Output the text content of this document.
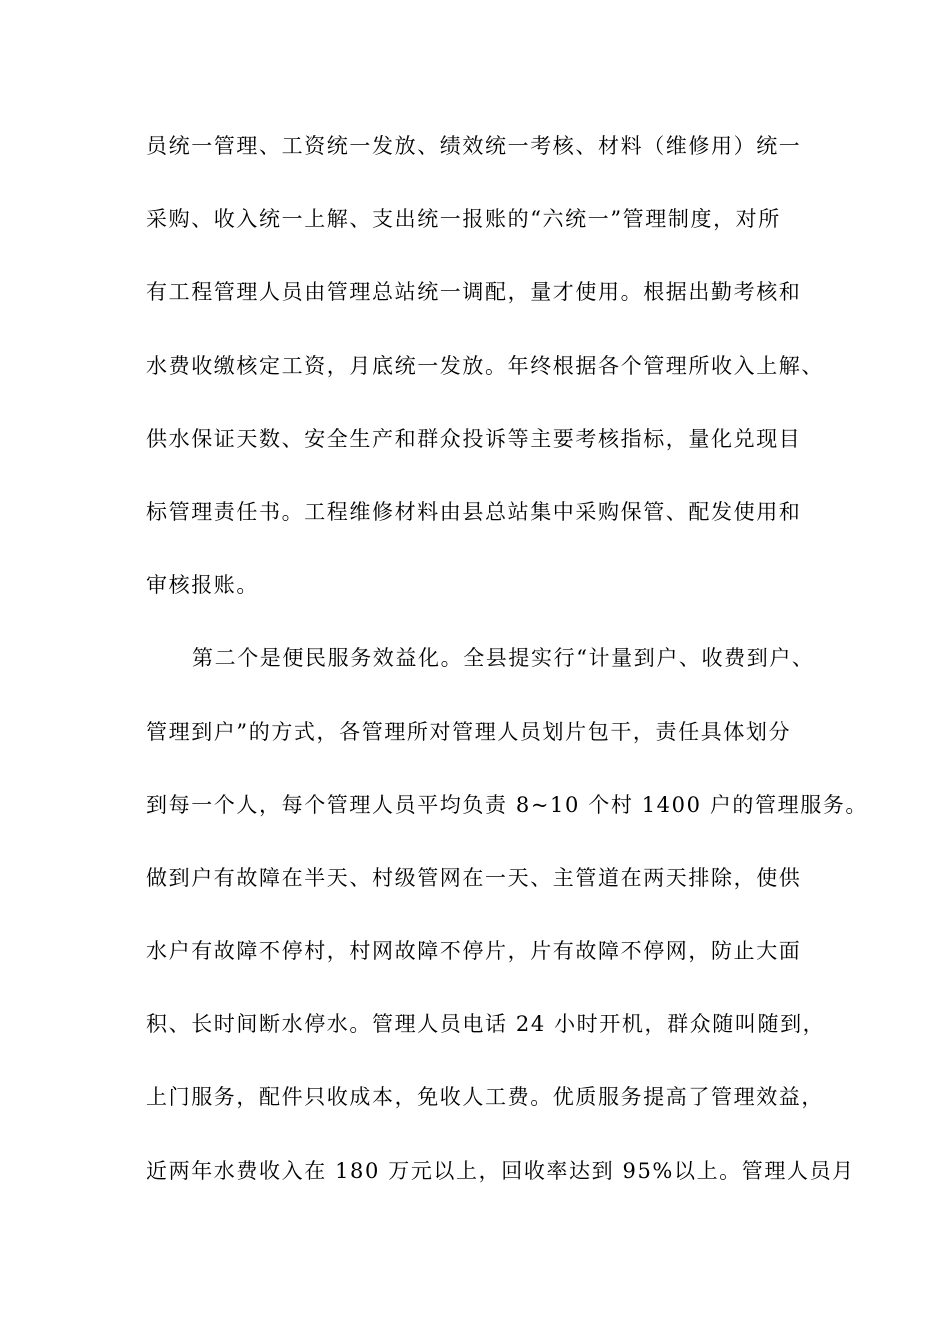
员统一管理、工资统一发放、绩效统一考核、材料（维修用）统一
采购、收入统一上解、支出统一报账的“六统一”管理制度，对所
有工程管理人员由管理总站统一调配，量才使用。根据出勤考核和
水费收缴核定工资，月底统一发放。年终根据各个管理所收入上解、
供水保证天数、安全生产和群众投诉等主要考核指标，量化兑现目
标管理责任书。工程维修材料由县总站集中采购保管、配发使用和
审核报账。
第二个是便民服务效益化。全县提实行“计量到户、收费到户、
管理到户”的方式，各管理所对管理人员划片包干，责任具体划分
到每一个人，每个管理人员平均负责 8~10 个村 1400 户的管理服务。
做到户有故障在半天、村级管网在一天、主管道在两天排除，使供
水户有故障不停村，村网故障不停片，片有故障不停网，防止大面
积、长时间断水停水。管理人员电话 24 小时开机，群众随叫随到，
上门服务，配件只收成本，免收人工费。优质服务提高了管理效益，
近两年水费收入在 180 万元以上，回收率达到 95%以上。管理人员月
